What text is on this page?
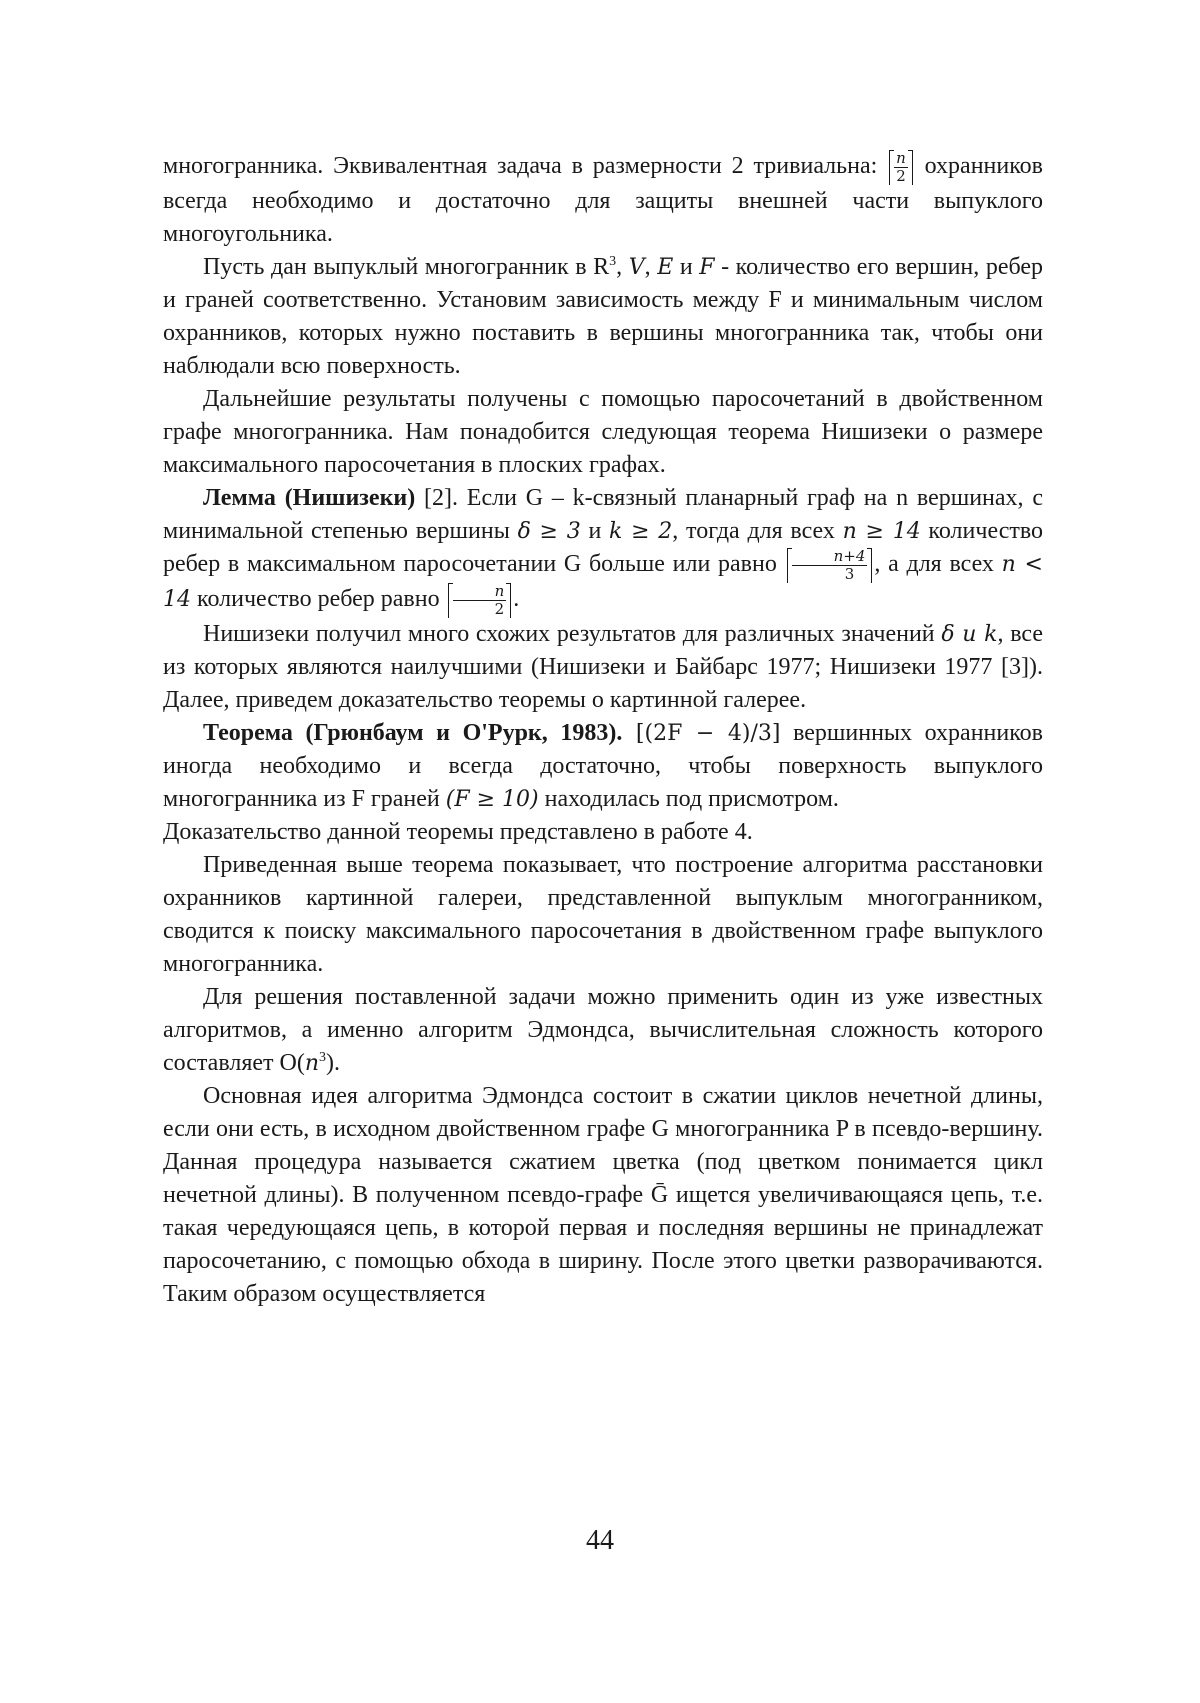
многогранника. Эквивалентная задача в размерности 2 тривиальна: $\frac{n}{2}$ охранников всегда необходимо и достаточно для защиты внешней части выпуклого многоугольника.

Пусть дан выпуклый многогранник в $R^3$, V, E и F - количество его вершин, ребер и граней соответственно. Установим зависимость между F и минимальным числом охранников, которых нужно поставить в вершины многогранника так, чтобы они наблюдали всю поверхность.

Дальнейшие результаты получены с помощью паросочетаний в двойственном графе многогранника. Нам понадобится следующая теорема Нишизеки о размере максимального паросочетания в плоских графах.

Лемма (Нишизеки) [2]. Если G – k-связный планарный граф на n вершинах, с минимальной степенью вершины δ ≥ 3 и k ≥ 2, тогда для всех n ≥ 14 количество ребер в максимальном паросочетании G больше или равно $\frac{n+4}{3}$ , а для всех n < 14 количество ребер равно $\frac{n}{2}$ .

Нишизеки получил много схожих результатов для различных значений δ и k, все из которых являются наилучшими (Нишизеки и Байбарс 1977; Нишизеки 1977 [3]). Далее, приведем доказательство теоремы о картинной галерее.

Теорема (Грюнбаум и О'Рурк, 1983). [(2F − 4)/3] вершинных охранников иногда необходимо и всегда достаточно, чтобы поверхность выпуклого многогранника из F граней (F ≥ 10) находилась под присмотром.

Доказательство данной теоремы представлено в работе 4.

Приведенная выше теорема показывает, что построение алгоритма расстановки охранников картинной галереи, представленной выпуклым многогранником, сводится к поиску максимального паросочетания в двойственном графе выпуклого многогранника.

Для решения поставленной задачи можно применить один из уже известных алгоритмов, а именно алгоритм Эдмондса, вычислительная сложность которого составляет $O(n^3)$.

Основная идея алгоритма Эдмондса состоит в сжатии циклов нечетной длины, если они есть, в исходном двойственном графе G многогранника P в псевдо-вершину. Данная процедура называется сжатием цветка (под цветком понимается цикл нечетной длины). В полученном псевдо-графе Ḡ ищется увеличивающаяся цепь, т.е. такая чередующаяся цепь, в которой первая и последняя вершины не принадлежат паросочетанию, с помощью обхода в ширину. После этого цветки разворачиваются. Таким образом осуществляется

44
